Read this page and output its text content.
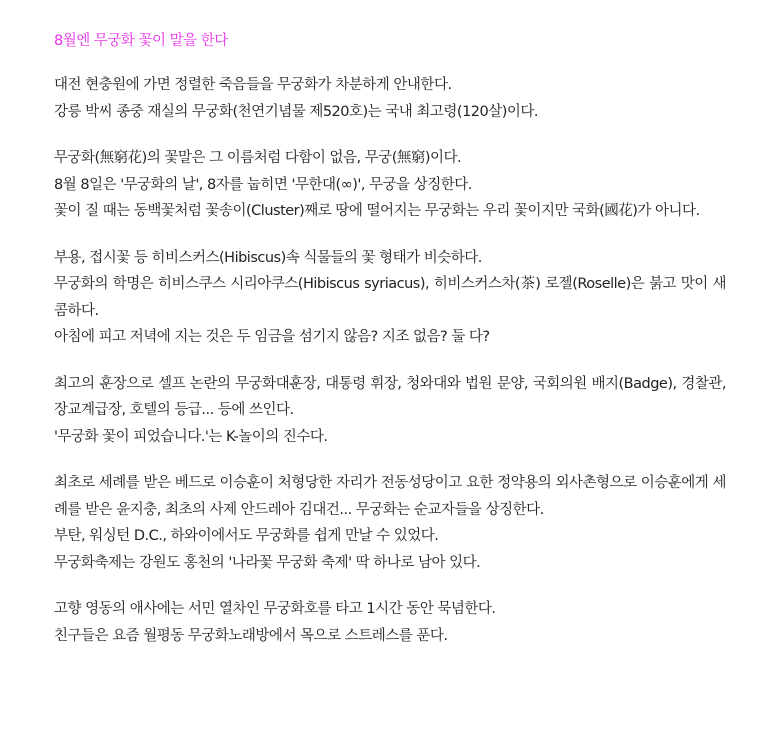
8월엔 무궁화 꽃이 말을 한다
대전 현충원에 가면 정렬한 죽음들을 무궁화가 차분하게 안내한다.
강릉 박씨 종중 재실의 무궁화(천연기념물 제520호)는 국내 최고령(120살)이다.
무궁화(無窮花)의 꽃말은 그 이름처럼 다함이 없음, 무궁(無窮)이다.
8월 8일은 '무궁화의 날', 8자를 눕히면 '무한대(∞)', 무궁을 상징한다.
꽃이 질 때는 동백꽃처럼 꽃송이(Cluster)째로 땅에 떨어지는 무궁화는 우리 꽃이지만 국화(國花)가 아니다.
부용, 접시꽃 등 히비스커스(Hibiscus)속 식물들의 꽃 형태가 비슷하다.
무궁화의 학명은 히비스쿠스 시리아쿠스(Hibiscus syriacus), 히비스커스차(茶) 로젤(Roselle)은 붉고 맛이 새콤하다.
아침에 피고 저녁에 지는 것은 두 임금을 섬기지 않음? 지조 없음? 둘 다?
최고의 훈장으로 셀프 논란의 무궁화대훈장, 대통령 휘장, 청와대와 법원 문양, 국회의원 배지(Badge), 경찰관, 장교계급장, 호텔의 등급... 등에 쓰인다.
'무궁화 꽃이 피었습니다.'는 K-놀이의 진수다.
최초로 세례를 받은 베드로 이승훈이 처형당한 자리가 전동성당이고 요한 정약용의 외사촌형으로 이승훈에게 세례를 받은 윤지충, 최초의 사제 안드레아 김대건... 무궁화는 순교자들을 상징한다.
부탄, 워싱턴 D.C., 하와이에서도 무궁화를 쉽게 만날 수 있었다.
무궁화축제는 강원도 홍천의 '나라꽃 무궁화 축제' 딱 하나로 남아 있다.
고향 영동의 애사에는 서민 열차인 무궁화호를 타고 1시간 동안 묵념한다.
친구들은 요즘 월평동 무궁화노래방에서 목으로 스트레스를 푼다.
